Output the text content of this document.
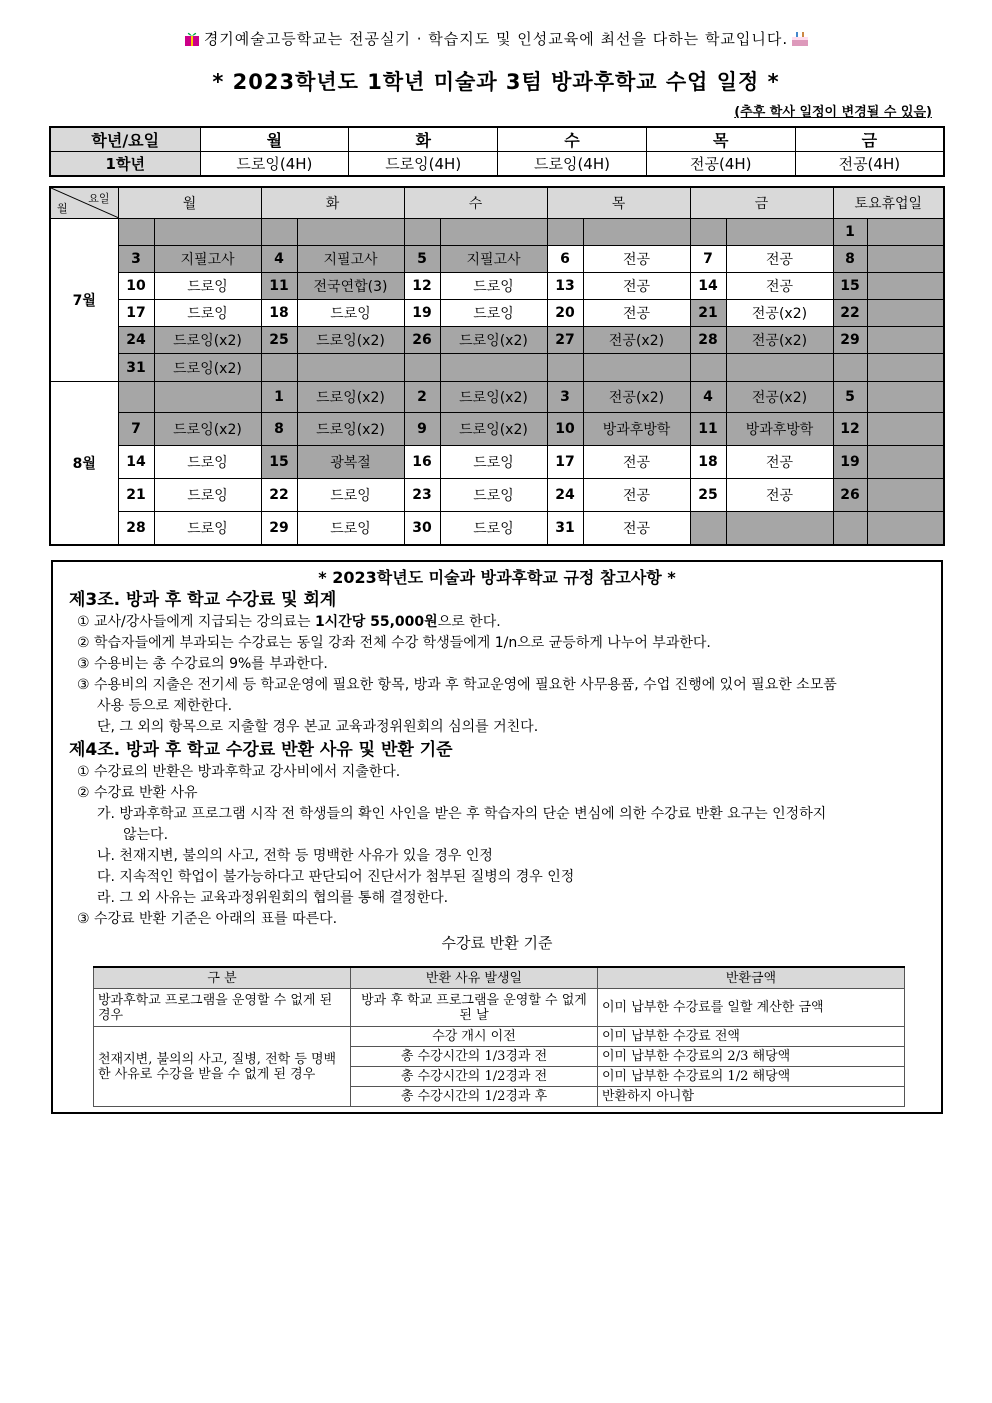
경기예술고등학교는 전공실기 · 학습지도 및 인성교육에 최선을 다하는 학교입니다.
* 2023학년도 1학년 미술과 3텀 방과후학교 수업 일정 *
(추후 학사 일정이 변경될 수 있음)
학년/요일	월	화	수	목	금
1학년	드로잉(4H)	드로잉(4H)	드로잉(4H)	전공(4H)	전공(4H)
요일
월	월		화		수		목		금		토요휴업일	
7월											1	
	3	지필고사	4	지필고사	5	지필고사	6	전공	7	전공	8	
	10	드로잉	11	전국연합(3)	12	드로잉	13	전공	14	전공	15	
	17	드로잉	18	드로잉	19	드로잉	20	전공	21	전공(x2)	22	
	24	드로잉(x2)	25	드로잉(x2)	26	드로잉(x2)	27	전공(x2)	28	전공(x2)	29	
	31	드로잉(x2)										
8월			1	드로잉(x2)	2	드로잉(x2)	3	전공(x2)	4	전공(x2)	5	
	7	드로잉(x2)	8	드로잉(x2)	9	드로잉(x2)	10	방과후방학	11	방과후방학	12	
	14	드로잉	15	광복절	16	드로잉	17	전공	18	전공	19	
	21	드로잉	22	드로잉	23	드로잉	24	전공	25	전공	26	
	28	드로잉	29	드로잉	30	드로잉	31	전공				
* 2023학년도 미술과 방과후학교 규정 참고사항 *
제3조. 방과 후 학교 수강료 및 회계
① 교사/강사들에게 지급되는 강의료는 1시간당 55,000원으로 한다.
② 학습자들에게 부과되는 수강료는 동일 강좌 전체 수강 학생들에게 1/n으로 균등하게 나누어 부과한다.
③ 수용비는 총 수강료의 9%를 부과한다.
③ 수용비의 지출은 전기세 등 학교운영에 필요한 항목, 방과 후 학교운영에 필요한 사무용품, 수업 진행에 있어 필요한 소모품
사용 등으로 제한한다.
단, 그 외의 항목으로 지출할 경우 본교 교육과정위원회의 심의를 거친다.
제4조. 방과 후 학교 수강료 반환 사유 및 반환 기준
① 수강료의 반환은 방과후학교 강사비에서 지출한다.
② 수강료 반환 사유
가. 방과후학교 프로그램 시작 전 학생들의 확인 사인을 받은 후 학습자의 단순 변심에 의한 수강료 반환 요구는 인정하지
않는다.
나. 천재지변, 불의의 사고, 전학 등 명백한 사유가 있을 경우 인정
다. 지속적인 학업이 불가능하다고 판단되어 진단서가 첨부된 질병의 경우 인정
라. 그 외 사유는 교육과정위원회의 협의를 통해 결정한다.
③ 수강료 반환 기준은 아래의 표를 따른다.
수강료 반환 기준
구 분	반환 사유 발생일	반환금액
방과후학교 프로그램을 운영할 수 없게 된 경우	방과 후 학교 프로그램을 운영할 수 없게 된 날	이미 납부한 수강료를 일할 계산한 금액
천재지변, 불의의 사고, 질병, 전학 등 명백한 사유로 수강을 받을 수 없게 된 경우	수강 개시 이전	이미 납부한 수강료 전액
	총 수강시간의 1/3경과 전	이미 납부한 수강료의 2/3 해당액
	총 수강시간의 1/2경과 전	이미 납부한 수강료의 1/2 해당액
	총 수강시간의 1/2경과 후	반환하지 아니함
